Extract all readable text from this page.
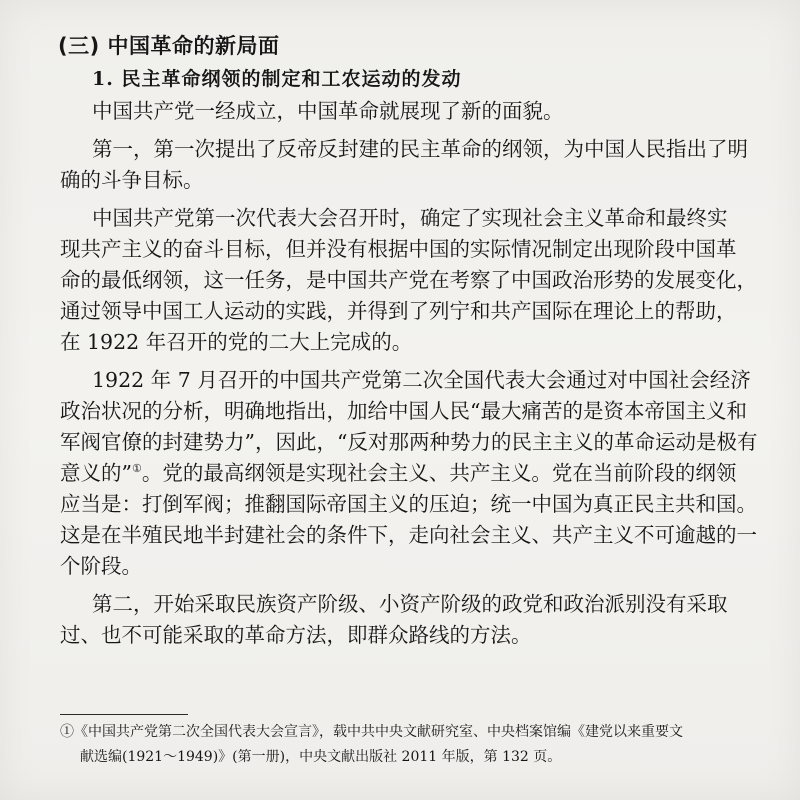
(三) 中国革命的新局面
1. 民主革命纲领的制定和工农运动的发动

中国共产党一经成立，中国革命就展现了新的面貌。

第一，第一次提出了反帝反封建的民主革命的纲领，为中国人民指出了明
确的斗争目标。

中国共产党第一次代表大会召开时，确定了实现社会主义革命和最终实
现共产主义的奋斗目标，但并没有根据中国的实际情况制定出现阶段中国革
命的最低纲领，这一任务，是中国共产党在考察了中国政治形势的发展变化，
通过领导中国工人运动的实践，并得到了列宁和共产国际在理论上的帮助，
在 1922 年召开的党的二大上完成的。

1922 年 7 月召开的中国共产党第二次全国代表大会通过对中国社会经济
政治状况的分析，明确地指出，加给中国人民“最大痛苦的是资本帝国主义和
军阀官僚的封建势力”，因此，“反对那两种势力的民主主义的革命运动是极有
意义的”①。党的最高纲领是实现社会主义、共产主义。党在当前阶段的纲领
应当是：打倒军阀；推翻国际帝国主义的压迫；统一中国为真正民主共和国。
这是在半殖民地半封建社会的条件下，走向社会主义、共产主义不可逾越的一
个阶段。

第二，开始采取民族资产阶级、小资产阶级的政党和政治派别没有采取
过、也不可能采取的革命方法，即群众路线的方法。

①《中国共产党第二次全国代表大会宣言》，载中共中央文献研究室、中央档案馆编《建党以来重要文
献选编(1921～1949)》(第一册)，中央文献出版社 2011 年版，第 132 页。
